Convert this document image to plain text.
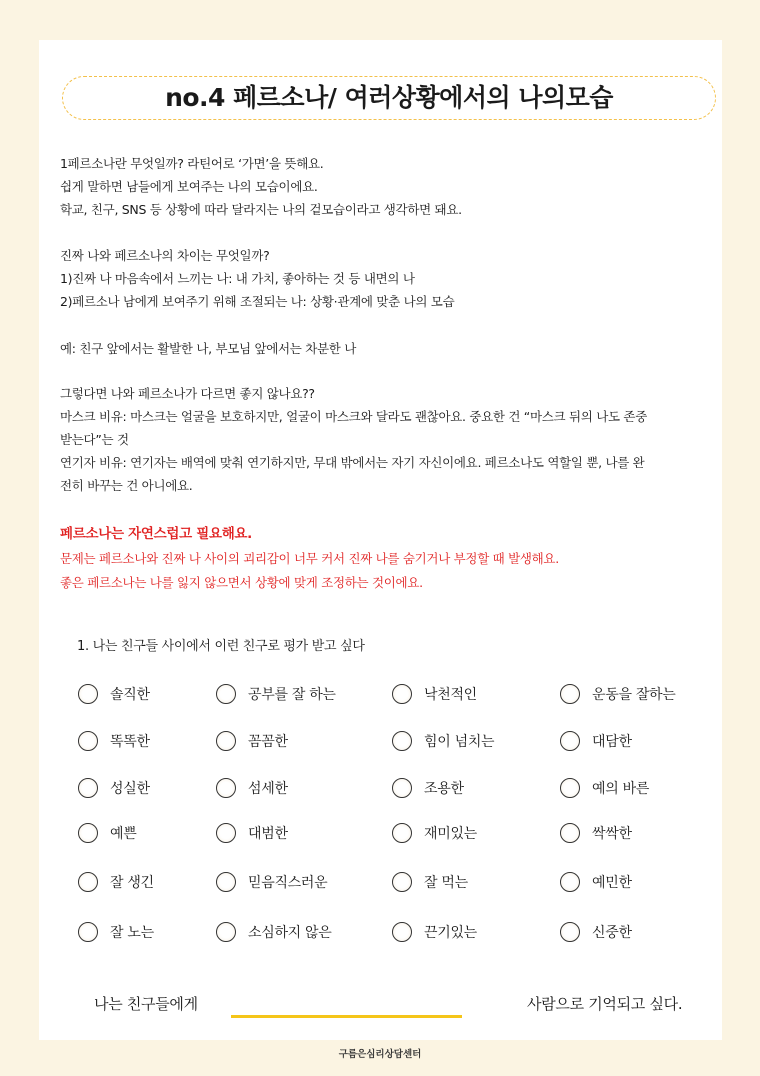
no.4 페르소나/ 여러상황에서의 나의모습
1페르소나란 무엇일까? 라틴어로 ‘가면’을 뜻해요.
쉽게 말하면 남들에게 보여주는 나의 모습이에요.
학교, 친구, SNS 등 상황에 따라 달라지는 나의 겉모습이라고 생각하면 돼요.
진짜 나와 페르소나의 차이는 무엇일까?
1)진짜 나 마음속에서 느끼는 나: 내 가치, 좋아하는 것 등 내면의 나
2)페르소나 남에게 보여주기 위해 조절되는 나: 상황·관계에 맞춘 나의 모습
예: 친구 앞에서는 활발한 나, 부모님 앞에서는 차분한 나
그렇다면 나와 페르소나가 다르면 좋지 않나요??
마스크 비유: 마스크는 얼굴을 보호하지만, 얼굴이 마스크와 달라도 괜찮아요. 중요한 건 “마스크 뒤의 나도 존중
받는다”는 것
연기자 비유: 연기자는 배역에 맞춰 연기하지만, 무대 밖에서는 자기 자신이에요. 페르소나도 역할일 뿐, 나를 완
전히 바꾸는 건 아니에요.
페르소나는 자연스럽고 필요해요.
문제는 페르소나와 진짜 나 사이의 괴리감이 너무 커서 진짜 나를 숨기거나 부정할 때 발생해요.
좋은 페르소나는 나를 잃지 않으면서 상황에 맞게 조정하는 것이에요.
1. 나는 친구들 사이에서 이런 친구로 평가 받고 싶다
솔직한	공부를 잘 하는	낙천적인	운동을 잘하는
똑똑한	꼼꼼한	힘이 넘치는	대담한
성실한	섬세한	조용한	예의 바른
예쁜	대범한	재미있는	싹싹한
잘 생긴	믿음직스러운	잘 먹는	예민한
잘 노는	소심하지 않은	끈기있는	신중한
나는 친구들에게	사람으로 기억되고 싶다.
구름은심리상담센터
